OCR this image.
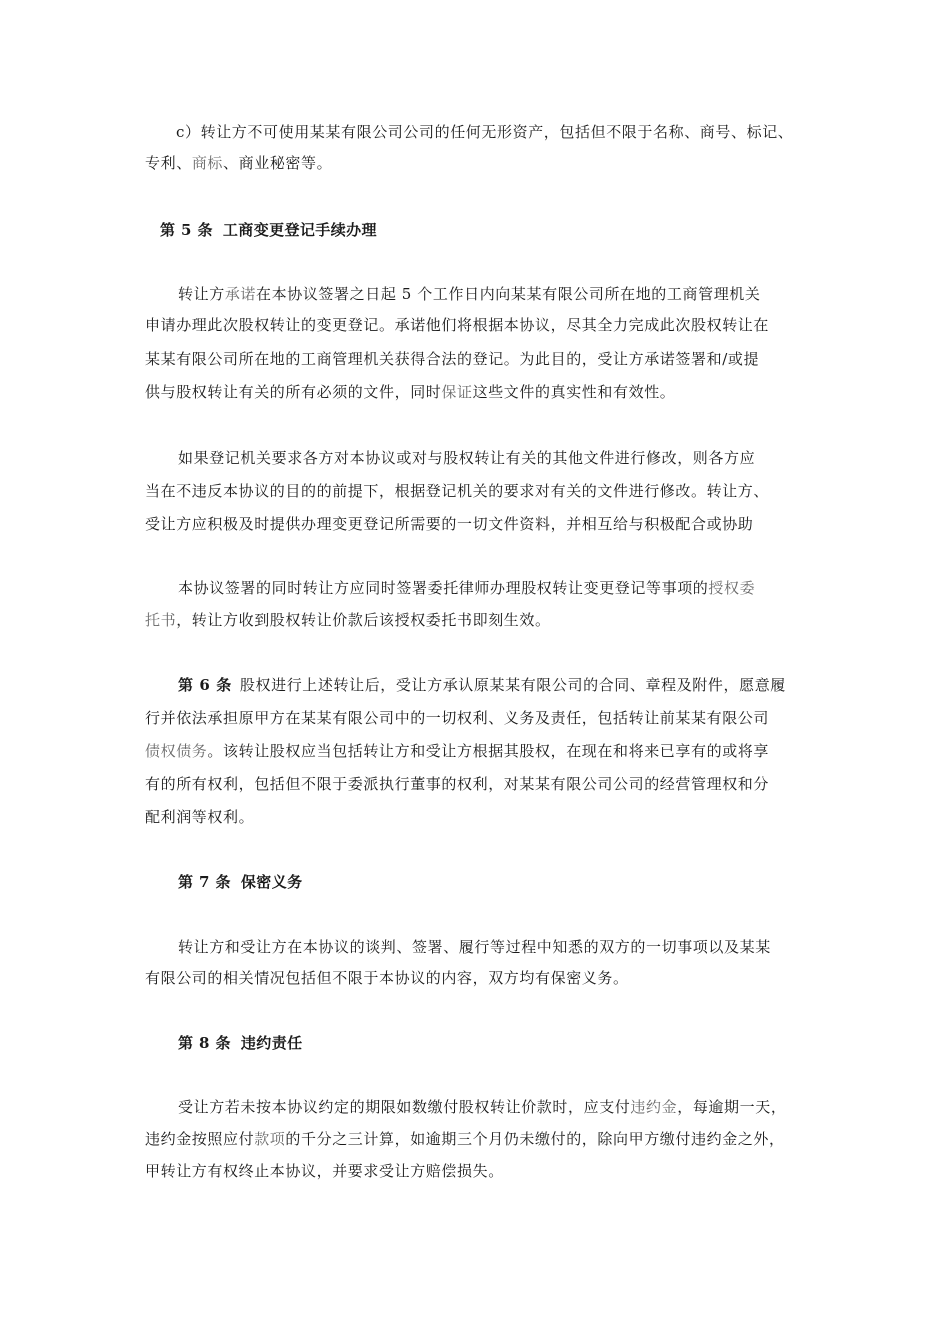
c）转让方不可使用某某有限公司公司的任何无形资产，包括但不限于名称、商号、标记、
专利、商标、商业秘密等。
第 5 条 工商变更登记手续办理
转让方承诺在本协议签署之日起 5 个工作日内向某某有限公司所在地的工商管理机关
申请办理此次股权转让的变更登记。承诺他们将根据本协议，尽其全力完成此次股权转让在
某某有限公司所在地的工商管理机关获得合法的登记。为此目的，受让方承诺签署和/或提
供与股权转让有关的所有必须的文件，同时保证这些文件的真实性和有效性。
如果登记机关要求各方对本协议或对与股权转让有关的其他文件进行修改，则各方应
当在不违反本协议的目的的前提下，根据登记机关的要求对有关的文件进行修改。转让方、
受让方应积极及时提供办理变更登记所需要的一切文件资料，并相互给与积极配合或协助
本协议签署的同时转让方应同时签署委托律师办理股权转让变更登记等事项的授权委
托书，转让方收到股权转让价款后该授权委托书即刻生效。
第 6 条 股权进行上述转让后，受让方承认原某某有限公司的合同、章程及附件，愿意履
行并依法承担原甲方在某某有限公司中的一切权利、义务及责任，包括转让前某某有限公司
债权债务。该转让股权应当包括转让方和受让方根据其股权，在现在和将来已享有的或将享
有的所有权利，包括但不限于委派执行董事的权利，对某某有限公司公司的经营管理权和分
配利润等权利。
第 7 条 保密义务
转让方和受让方在本协议的谈判、签署、履行等过程中知悉的双方的一切事项以及某某
有限公司的相关情况包括但不限于本协议的内容，双方均有保密义务。
第 8 条 违约责任
受让方若未按本协议约定的期限如数缴付股权转让价款时，应支付违约金，每逾期一天，
违约金按照应付款项的千分之三计算，如逾期三个月仍未缴付的，除向甲方缴付违约金之外，
甲转让方有权终止本协议，并要求受让方赔偿损失。
